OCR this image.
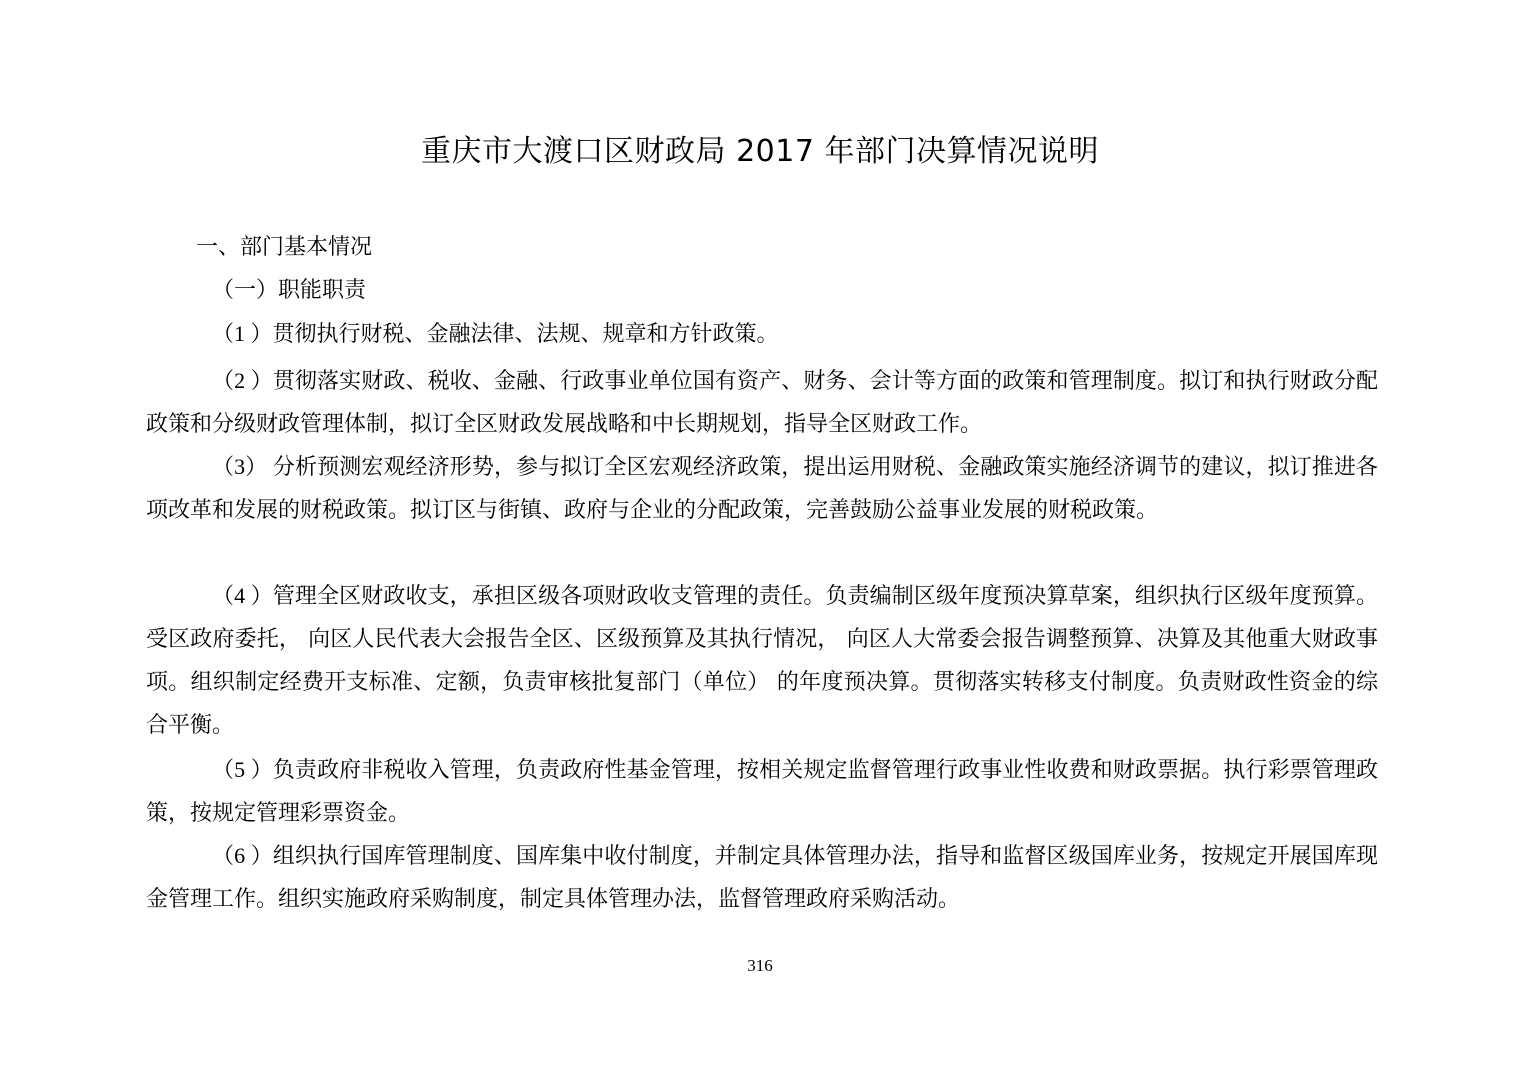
重庆市大渡口区财政局 2017 年部门决算情况说明
一、部门基本情况
（一）职能职责
（1 ）贯彻执行财税、金融法律、法规、规章和方针政策。
（2 ）贯彻落实财政、税收、金融、行政事业单位国有资产、财务、会计等方面的政策和管理制度。拟订和执行财政分配政策和分级财政管理体制，拟订全区财政发展战略和中长期规划，指导全区财政工作。
（3） 分析预测宏观经济形势，参与拟订全区宏观经济政策，提出运用财税、金融政策实施经济调节的建议，拟订推进各项改革和发展的财税政策。拟订区与街镇、政府与企业的分配政策，完善鼓励公益事业发展的财税政策。
（4 ）管理全区财政收支，承担区级各项财政收支管理的责任。负责编制区级年度预决算草案，组织执行区级年度预算。受区政府委托， 向区人民代表大会报告全区、区级预算及其执行情况， 向区人大常委会报告调整预算、决算及其他重大财政事项。组织制定经费开支标准、定额，负责审核批复部门（单位） 的年度预决算。贯彻落实转移支付制度。负责财政性资金的综合平衡。
（5 ）负责政府非税收入管理，负责政府性基金管理，按相关规定监督管理行政事业性收费和财政票据。执行彩票管理政策，按规定管理彩票资金。
（6 ）组织执行国库管理制度、国库集中收付制度，并制定具体管理办法，指导和监督区级国库业务，按规定开展国库现金管理工作。组织实施政府采购制度，制定具体管理办法，监督管理政府采购活动。
316
